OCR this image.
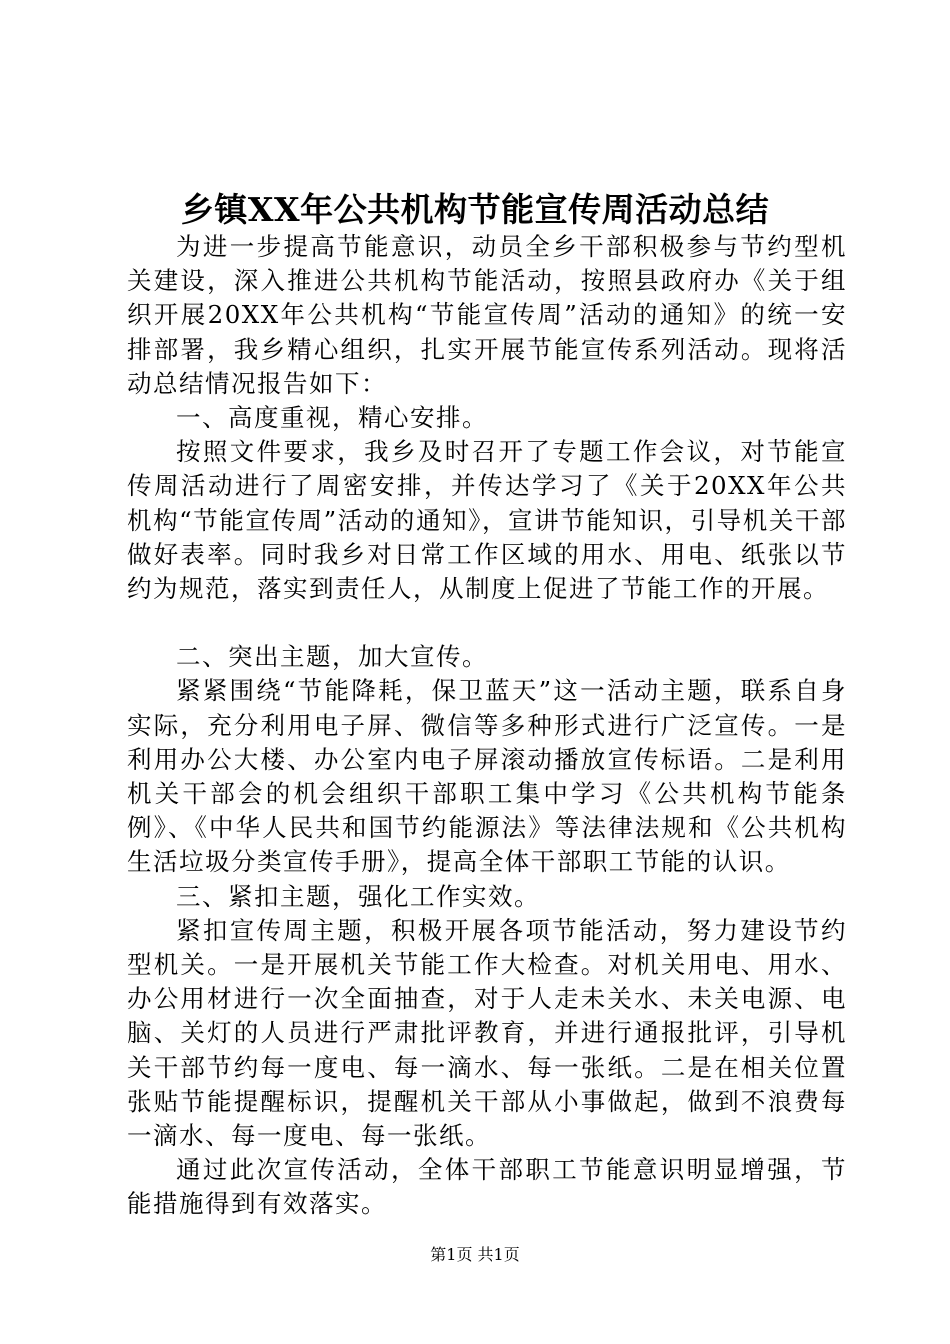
乡镇XX年公共机构节能宣传周活动总结

为进一步提高节能意识，动员全乡干部积极参与节约型机关建设，深入推进公共机构节能活动，按照县政府办《关于组织开展20XX年公共机构“节能宣传周”活动的通知》的统一安排部署，我乡精心组织，扎实开展节能宣传系列活动。现将活动总结情况报告如下：

一、高度重视，精心安排。

按照文件要求，我乡及时召开了专题工作会议，对节能宣传周活动进行了周密安排，并传达学习了《关于20XX年公共机构“节能宣传周”活动的通知》，宣讲节能知识，引导机关干部做好表率。同时我乡对日常工作区域的用水、用电、纸张以节约为规范，落实到责任人，从制度上促进了节能工作的开展。

二、突出主题，加大宣传。

紧紧围绕“节能降耗，保卫蓝天”这一活动主题，联系自身实际，充分利用电子屏、微信等多种形式进行广泛宣传。一是利用办公大楼、办公室内电子屏滚动播放宣传标语。二是利用机关干部会的机会组织干部职工集中学习《公共机构节能条例》、《中华人民共和国节约能源法》等法律法规和《公共机构生活垃圾分类宣传手册》，提高全体干部职工节能的认识。

三、紧扣主题，强化工作实效。

紧扣宣传周主题，积极开展各项节能活动，努力建设节约型机关。一是开展机关节能工作大检查。对机关用电、用水、办公用材进行一次全面抽查，对于人走未关水、未关电源、电脑、关灯的人员进行严肃批评教育，并进行通报批评，引导机关干部节约每一度电、每一滴水、每一张纸。二是在相关位置张贴节能提醒标识，提醒机关干部从小事做起，做到不浪费每一滴水、每一度电、每一张纸。

通过此次宣传活动，全体干部职工节能意识明显增强，节能措施得到有效落实。

第1页 共1页
